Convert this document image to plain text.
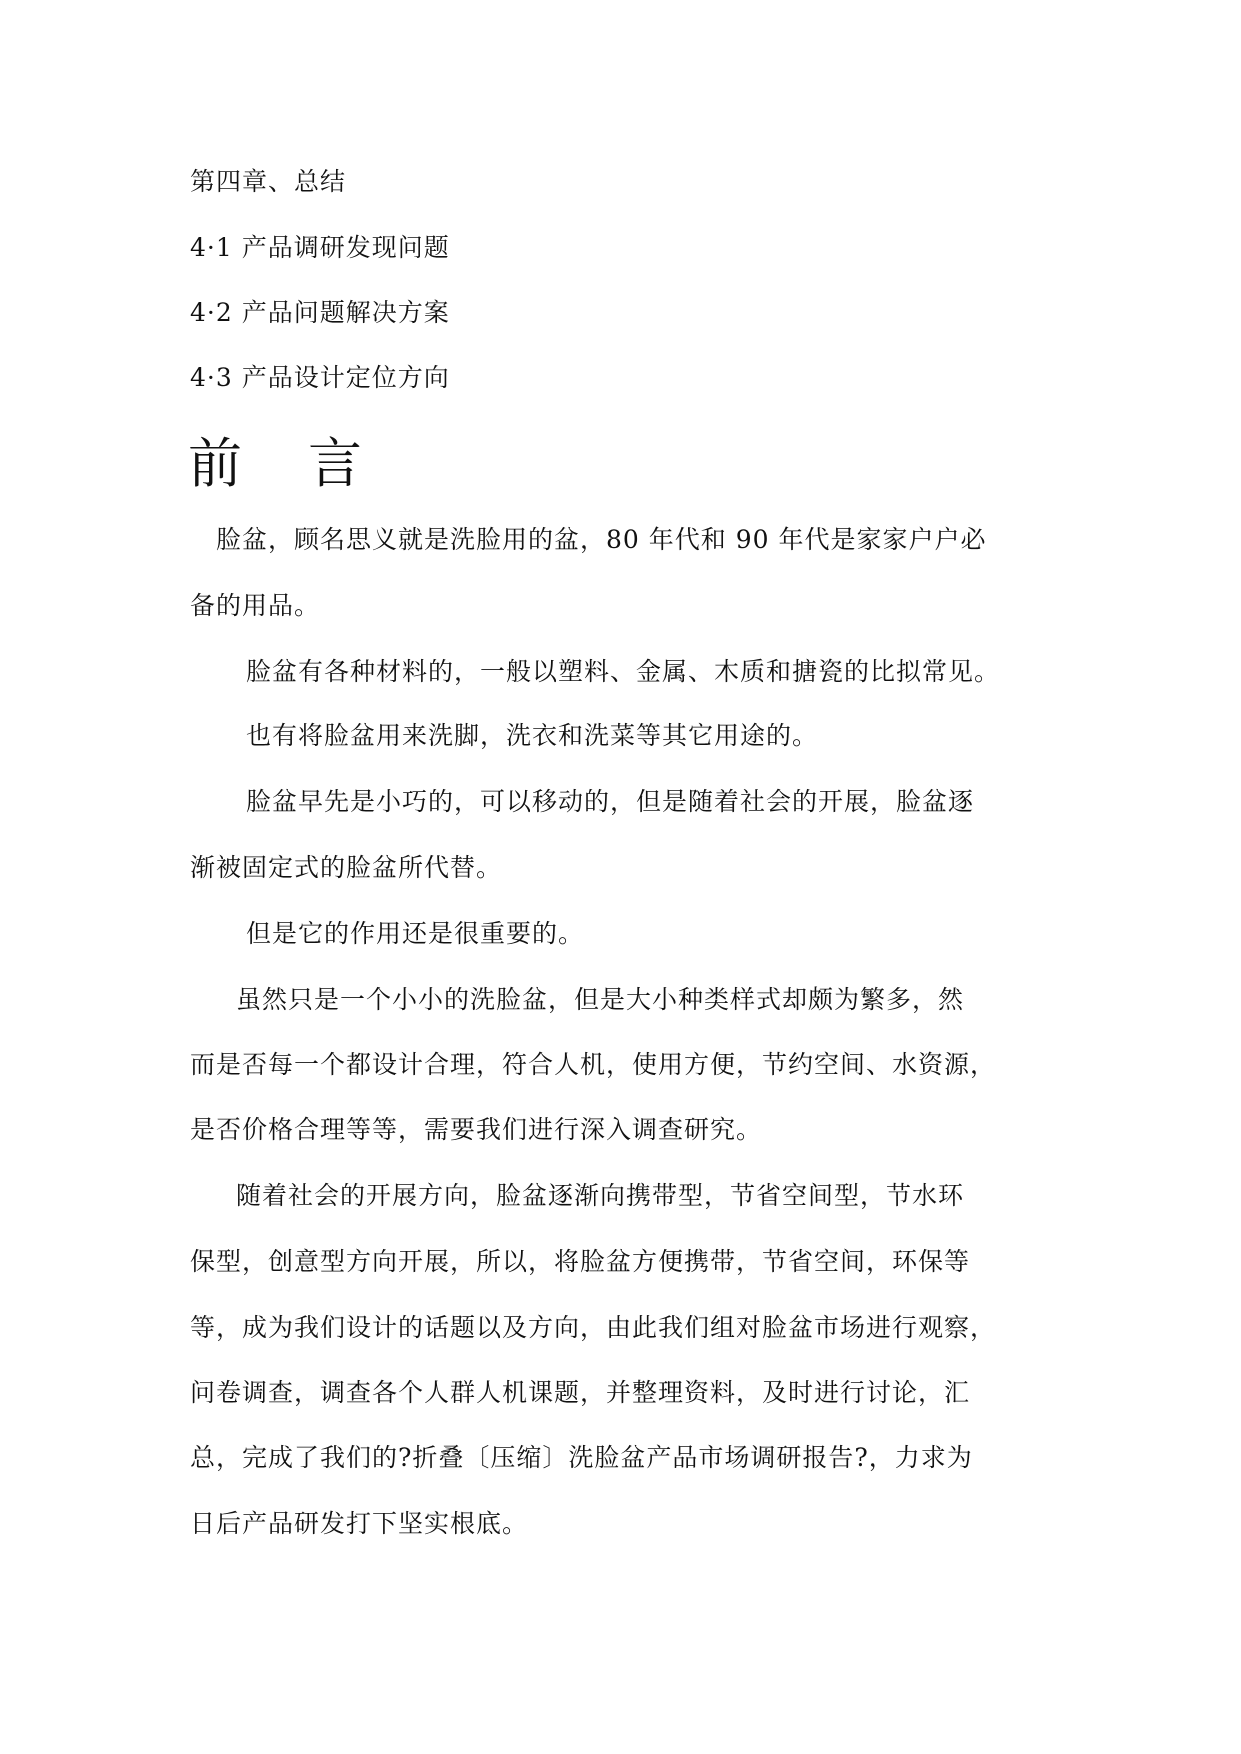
第四章、总结
4·1 产品调研发现问题
4·2 产品问题解决方案
4·3 产品设计定位方向
前 言
脸盆，顾名思义就是洗脸用的盆，80 年代和 90 年代是家家户户必
备的用品。
脸盆有各种材料的，一般以塑料、金属、木质和搪瓷的比拟常见。
也有将脸盆用来洗脚，洗衣和洗菜等其它用途的。
脸盆早先是小巧的，可以移动的，但是随着社会的开展，脸盆逐
渐被固定式的脸盆所代替。
但是它的作用还是很重要的。
虽然只是一个小小的洗脸盆，但是大小种类样式却颇为繁多，然
而是否每一个都设计合理，符合人机，使用方便，节约空间、水资源，
是否价格合理等等，需要我们进行深入调查研究。
随着社会的开展方向，脸盆逐渐向携带型，节省空间型，节水环
保型，创意型方向开展，所以，将脸盆方便携带，节省空间，环保等
等，成为我们设计的话题以及方向，由此我们组对脸盆市场进行观察，
问卷调查，调查各个人群人机课题，并整理资料，及时进行讨论，汇
总，完成了我们的?折叠〔压缩〕洗脸盆产品市场调研报告?，力求为
日后产品研发打下坚实根底。
